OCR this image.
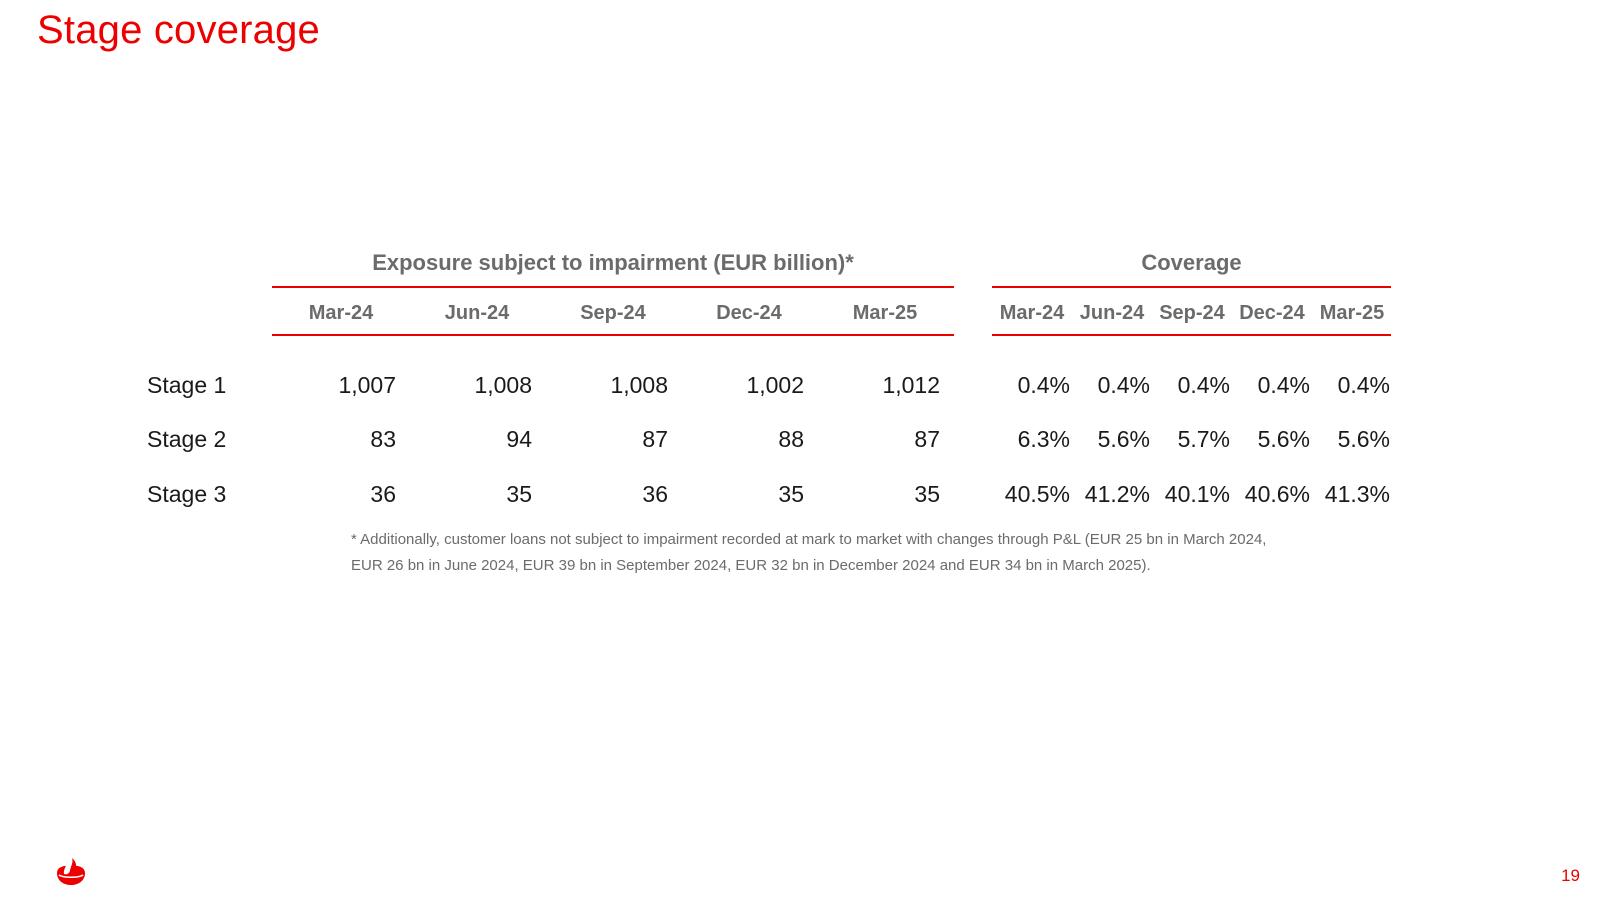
Stage coverage
Exposure subject to impairment (EUR billion)*	Coverage
Mar-24	Jun-24	Sep-24	Dec-24	Mar-25	Mar-24 Jun-24 Sep-24 Dec-24 Mar-25
Stage 1	1,007	1,008	1,008	1,002	1,012	0.4% 0.4% 0.4% 0.4% 0.4%
Stage 2	83	94	87	88	87	6.3% 5.6% 5.7% 5.6% 5.6%
Stage 3	36	35	36	35	35	40.5% 41.2% 40.1% 40.6% 41.3%
* Additionally, customer loans not subject to impairment recorded at mark to market with changes through P&L (EUR 25 bn in March 2024, EUR 26 bn in June 2024, EUR 39 bn in September 2024, EUR 32 bn in December 2024 and EUR 34 bn in March 2025).
19
